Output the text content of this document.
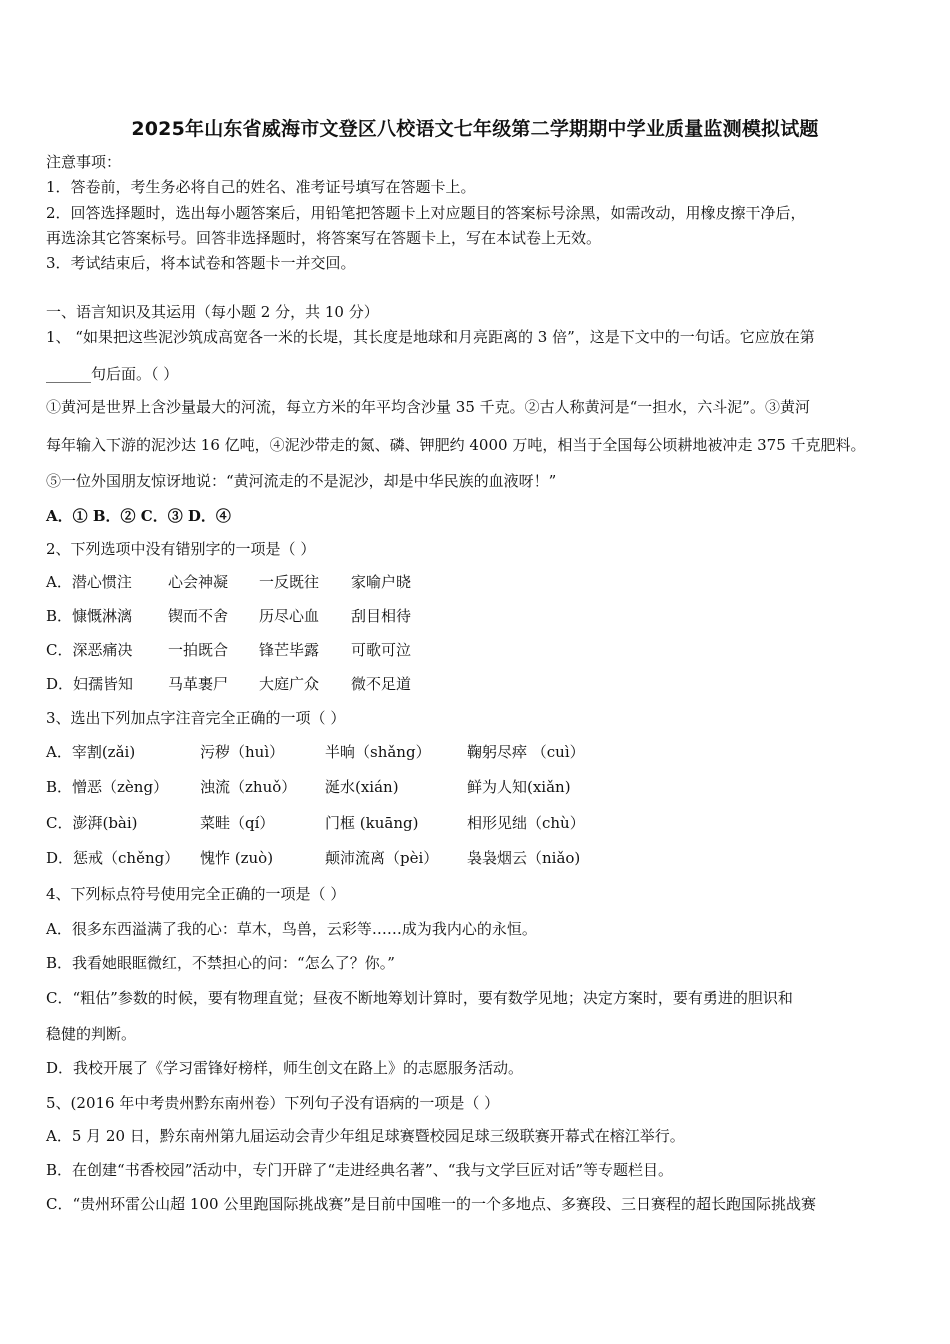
2025年山东省威海市文登区八校语文七年级第二学期期中学业质量监测模拟试题
注意事项：
1．答卷前，考生务必将自己的姓名、准考证号填写在答题卡上。
2．回答选择题时，选出每小题答案后，用铅笔把答题卡上对应题目的答案标号涂黑，如需改动，用橡皮擦干净后，
再选涂其它答案标号。回答非选择题时，将答案写在答题卡上，写在本试卷上无效。
3．考试结束后，将本试卷和答题卡一并交回。
一、语言知识及其运用（每小题 2 分，共 10 分）
1、 “如果把这些泥沙筑成高宽各一米的长堤，其长度是地球和月亮距离的 3 倍”，这是下文中的一句话。它应放在第
______句后面。（ ）
①黄河是世界上含沙量最大的河流，每立方米的年平均含沙量 35 千克。②古人称黄河是“一担水，六斗泥”。③黄河
每年输入下游的泥沙达 16 亿吨，④泥沙带走的氮、磷、钾肥约 4000 万吨，相当于全国每公顷耕地被冲走 375 千克肥料。
⑤一位外国朋友惊讶地说：“黄河流走的不是泥沙，却是中华民族的血液呀！”
A．① B．② C．③ D．④
2、下列选项中没有错别字的一项是（ ）
A．潜心惯注 心会神凝 一反既往 家喻户晓
B．慷慨淋漓 锲而不舍 历尽心血 刮目相待
C．深恶痛决 一拍既合 锋芒毕露 可歌可泣
D．妇孺皆知 马革裹尸 大庭广众 微不足道
3、选出下列加点字注音完全正确的一项（ ）
A．宰割(zǎi)	污秽（huì）	半晌（shǎng） 鞠躬尽瘁 （cuì）
B．憎恶（zèng） 浊流（zhuǒ） 涎水(xián)	鲜为人知(xiǎn)
C．澎湃(bài)	菜畦（qí）	门框 (kuāng)	相形见绌（chù）
D．惩戒（chěng） 愧怍 (zuò)	颠沛流离（pèi） 袅袅烟云（niǎo)
4、下列标点符号使用完全正确的一项是（ ）
A．很多东西溢满了我的心：草木，鸟兽，云彩等……成为我内心的永恒。
B．我看她眼眶微红，不禁担心的问：“怎么了？你。”
C．“粗估”参数的时候，要有物理直觉；昼夜不断地筹划计算时，要有数学见地；决定方案时，要有勇进的胆识和
稳健的判断。
D．我校开展了《学习雷锋好榜样，师生创文在路上》的志愿服务活动。
5、(2016 年中考贵州黔东南州卷）下列句子没有语病的一项是（ ）
A．5 月 20 日，黔东南州第九届运动会青少年组足球赛暨校园足球三级联赛开幕式在榕江举行。
B．在创建“书香校园”活动中，专门开辟了“走进经典名著”、“我与文学巨匠对话”等专题栏目。
C．“贵州环雷公山超 100 公里跑国际挑战赛”是目前中国唯一的一个多地点、多赛段、三日赛程的超长跑国际挑战赛
